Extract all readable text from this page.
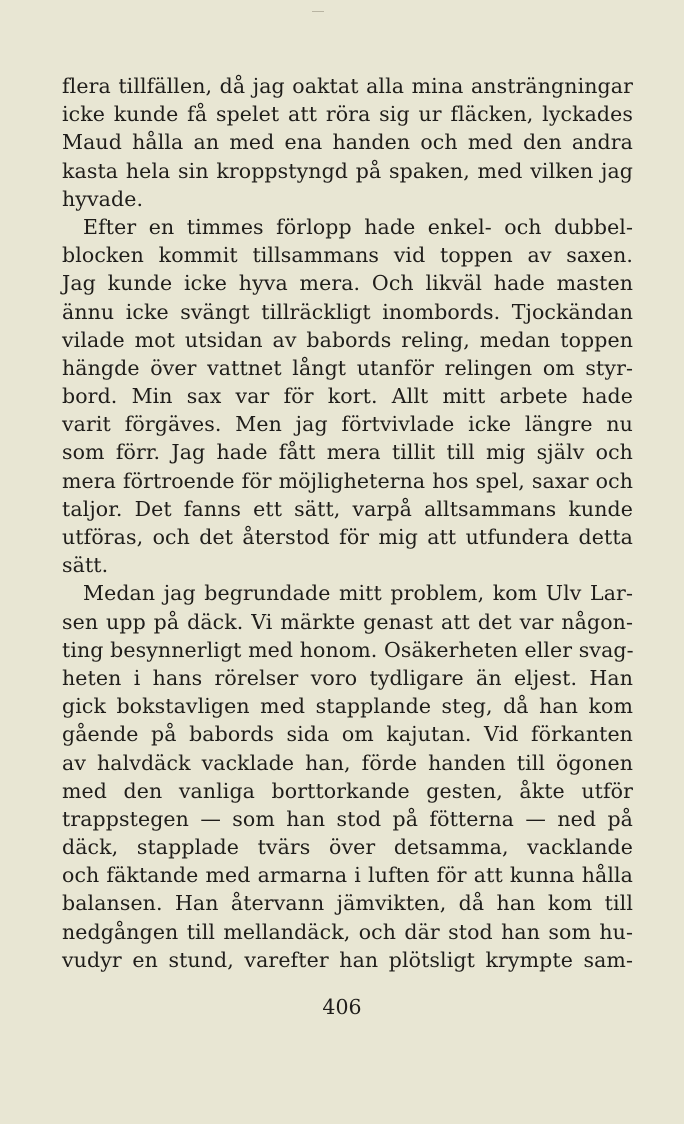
flera tillfällen, då jag oaktat alla mina ansträngningar
icke kunde få spelet att röra sig ur fläcken, lyckades
Maud hålla an med ena handen och med den andra
kasta hela sin kroppstyngd på spaken, med vilken jag
hyvade.
Efter en timmes förlopp hade enkel- och dubbel-
blocken kommit tillsammans vid toppen av saxen.
Jag kunde icke hyva mera. Och likväl hade masten
ännu icke svängt tillräckligt inombords. Tjockändan
vilade mot utsidan av babords reling, medan toppen
hängde över vattnet långt utanför relingen om styr-
bord. Min sax var för kort. Allt mitt arbete hade
varit förgäves. Men jag förtvivlade icke längre nu
som förr. Jag hade fått mera tillit till mig själv och
mera förtroende för möjligheterna hos spel, saxar och
taljor. Det fanns ett sätt, varpå alltsammans kunde
utföras, och det återstod för mig att utfundera detta
sätt.
Medan jag begrundade mitt problem, kom Ulv Lar-
sen upp på däck. Vi märkte genast att det var någon-
ting besynnerligt med honom. Osäkerheten eller svag-
heten i hans rörelser voro tydligare än eljest. Han
gick bokstavligen med stapplande steg, då han kom
gående på babords sida om kajutan. Vid förkanten
av halvdäck vacklade han, förde handen till ögonen
med den vanliga borttorkande gesten, åkte utför
trappstegen — som han stod på fötterna — ned på
däck, stapplade tvärs över detsamma, vacklande
och fäktande med armarna i luften för att kunna hålla
balansen. Han återvann jämvikten, då han kom till
nedgången till mellandäck, och där stod han som hu-
vudyr en stund, varefter han plötsligt krympte sam-
406
